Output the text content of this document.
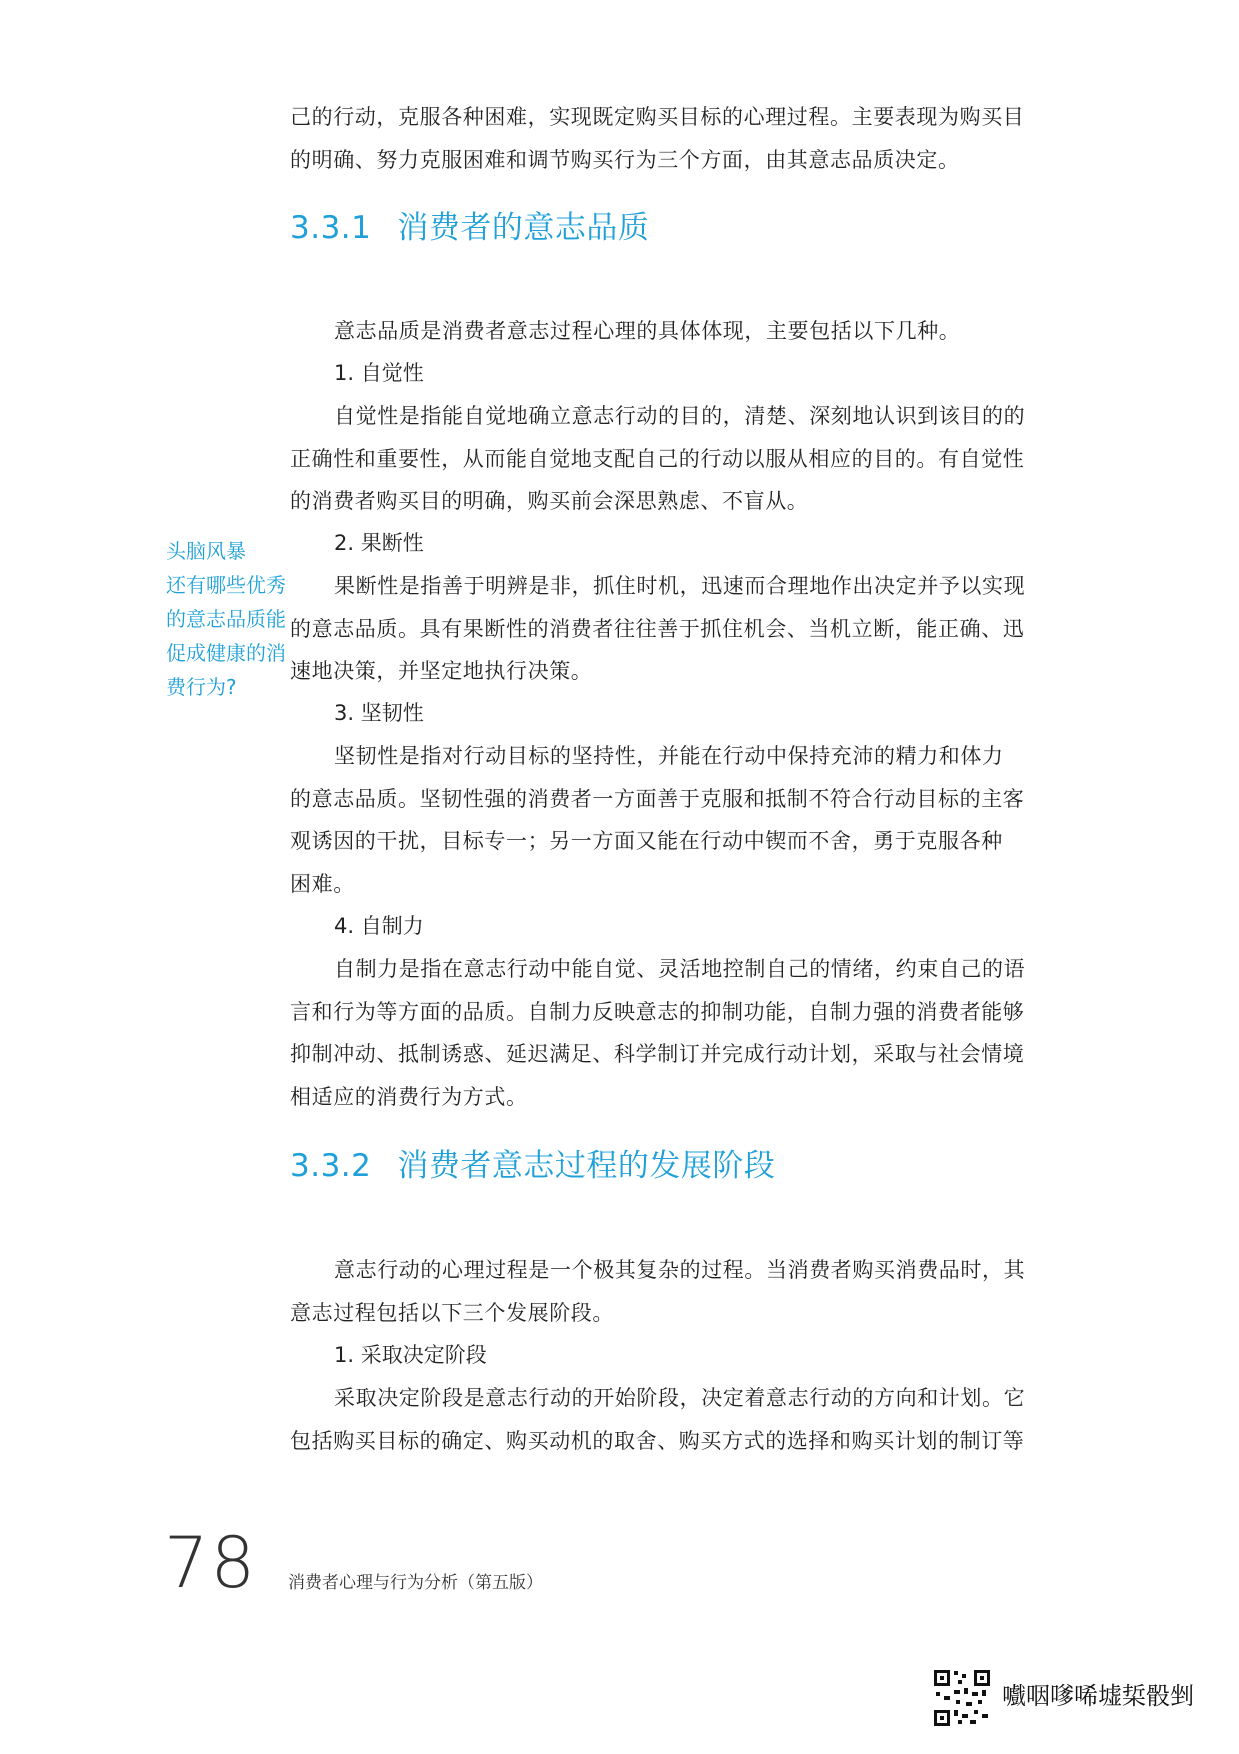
己的行动，克服各种困难，实现既定购买目标的心理过程。主要表现为购买目
的明确、努力克服困难和调节购买行为三个方面，由其意志品质决定。

3.3.1 消费者的意志品质

意志品质是消费者意志过程心理的具体体现，主要包括以下几种。

1. 自觉性

自觉性是指能自觉地确立意志行动的目的，清楚、深刻地认识到该目的的
正确性和重要性，从而能自觉地支配自己的行动以服从相应的目的。有自觉性
的消费者购买目的明确，购买前会深思熟虑、不盲从。

2. 果断性

果断性是指善于明辨是非，抓住时机，迅速而合理地作出决定并予以实现
的意志品质。具有果断性的消费者往往善于抓住机会、当机立断，能正确、迅
速地决策，并坚定地执行决策。

3. 坚韧性

坚韧性是指对行动目标的坚持性，并能在行动中保持充沛的精力和体力
的意志品质。坚韧性强的消费者一方面善于克服和抵制不符合行动目标的主客
观诱因的干扰，目标专一；另一方面又能在行动中锲而不舍，勇于克服各种
困难。

4. 自制力

自制力是指在意志行动中能自觉、灵活地控制自己的情绪，约束自己的语
言和行为等方面的品质。自制力反映意志的抑制功能，自制力强的消费者能够
抑制冲动、抵制诱惑、延迟满足、科学制订并完成行动计划，采取与社会情境
相适应的消费行为方式。

头脑风暴
还有哪些优秀
的意志品质能
促成健康的消
费行为?
3.3.2 消费者意志过程的发展阶段

意志行动的心理过程是一个极其复杂的过程。当消费者购买消费品时，其
意志过程包括以下三个发展阶段。

1. 采取决定阶段

采取决定阶段是意志行动的开始阶段，决定着意志行动的方向和计划。它
包括购买目标的确定、购买动机的取舍、购买方式的选择和购买计划的制订等

78 消费者心理与行为分析（第五版）
嚱咽嗲唏墟梊骰剉
